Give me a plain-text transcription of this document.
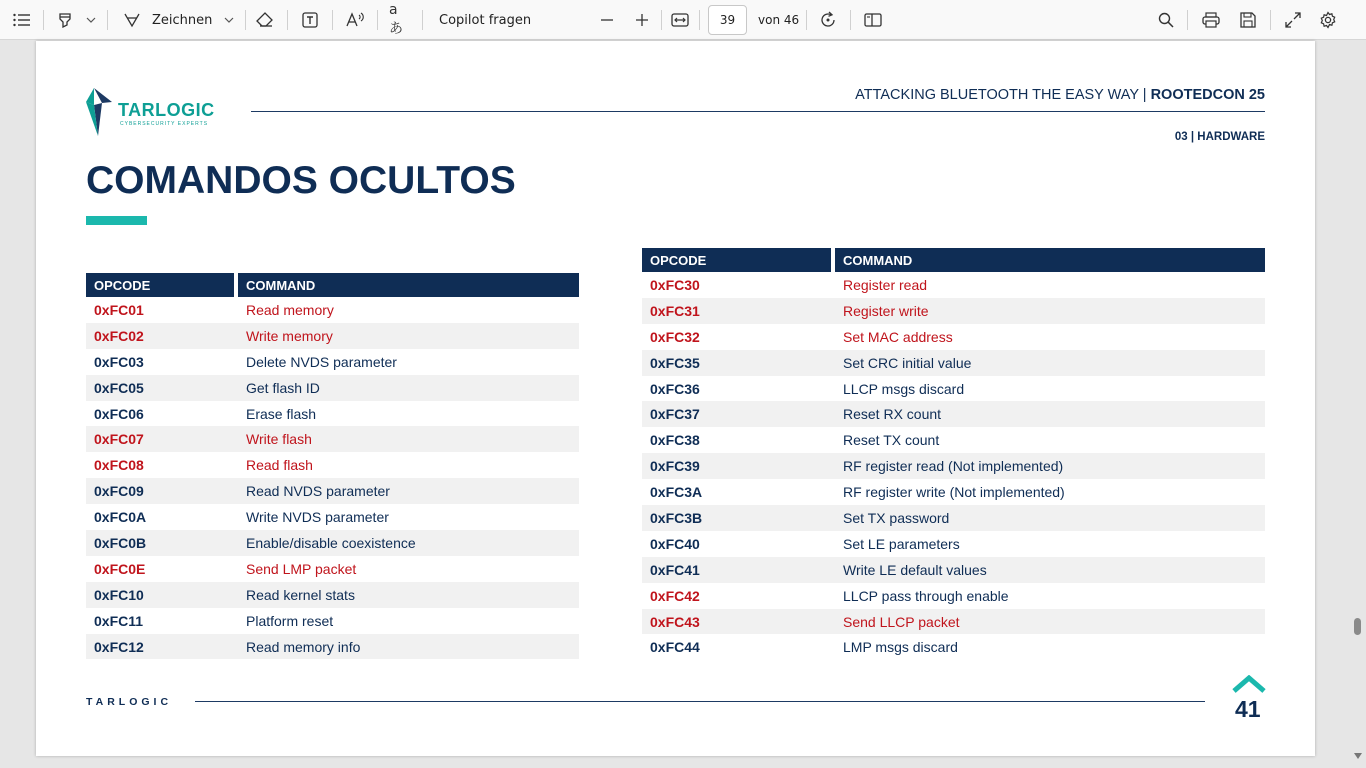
Zeichnen
aあ
Copilot fragen	39	von 46
TARLOGIC
CYBERSECURITY EXPERTS
ATTACKING BLUETOOTH THE EASY WAY | ROOTEDCON 25
03 | HARDWARE
COMANDOS OCULTOS
OPCODE	COMMAND
0xFC01	Read memory
0xFC02	Write memory
0xFC03	Delete NVDS parameter
0xFC05	Get flash ID
0xFC06	Erase flash
0xFC07	Write flash
0xFC08	Read flash
0xFC09	Read NVDS parameter
0xFC0A	Write NVDS parameter
0xFC0B	Enable/disable coexistence
0xFC0E	Send LMP packet
0xFC10	Read kernel stats
0xFC11	Platform reset
0xFC12	Read memory info
OPCODE	COMMAND
0xFC30	Register read
0xFC31	Register write
0xFC32	Set MAC address
0xFC35	Set CRC initial value
0xFC36	LLCP msgs discard
0xFC37	Reset RX count
0xFC38	Reset TX count
0xFC39	RF register read (Not implemented)
0xFC3A	RF register write (Not implemented)
0xFC3B	Set TX password
0xFC40	Set LE parameters
0xFC41	Write LE default values
0xFC42	LLCP pass through enable
0xFC43	Send LLCP packet
0xFC44	LMP msgs discard
TARLOGIC	41
